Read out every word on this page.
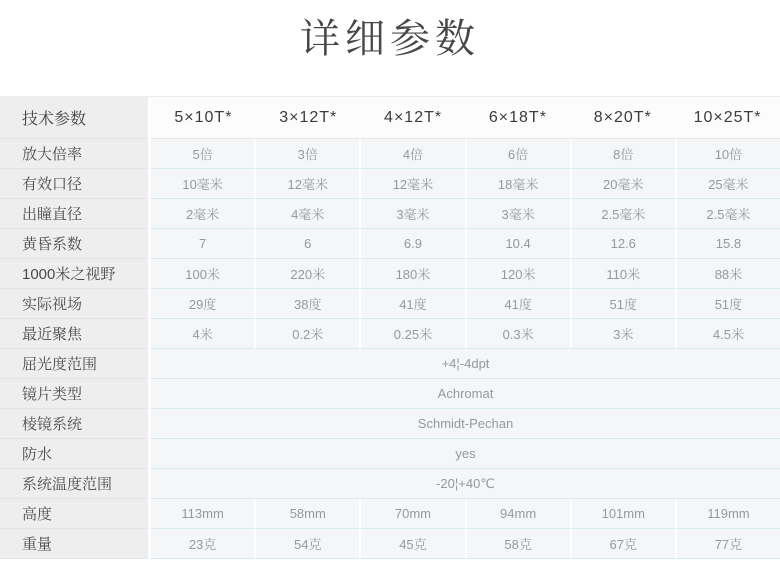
详细参数
技术参数	5×10T*	3×12T*	4×12T*	6×18T*	8×20T*	10×25T*
放大倍率	5倍	3倍	4倍	6倍	8倍	10倍
有效口径	10毫米	12毫米	12毫米	18毫米	20毫米	25毫米
出瞳直径	2毫米	4毫米	3毫米	3毫米	2.5毫米	2.5毫米
黄昏系数	7	6	6.9	10.4	12.6	15.8
1000米之视野	100米	220米	180米	120米	110米	88米
实际视场	29度	38度	41度	41度	51度	51度
最近聚焦	4米	0.2米	0.25米	0.3米	3米	4.5米
屈光度范围	+4¦-4dpt
镜片类型	Achromat
棱镜系统	Schmidt-Pechan
防水	yes
系统温度范围	-20¦+40℃
高度	113mm	58mm	70mm	94mm	101mm	119mm
重量	23克	54克	45克	58克	67克	77克
